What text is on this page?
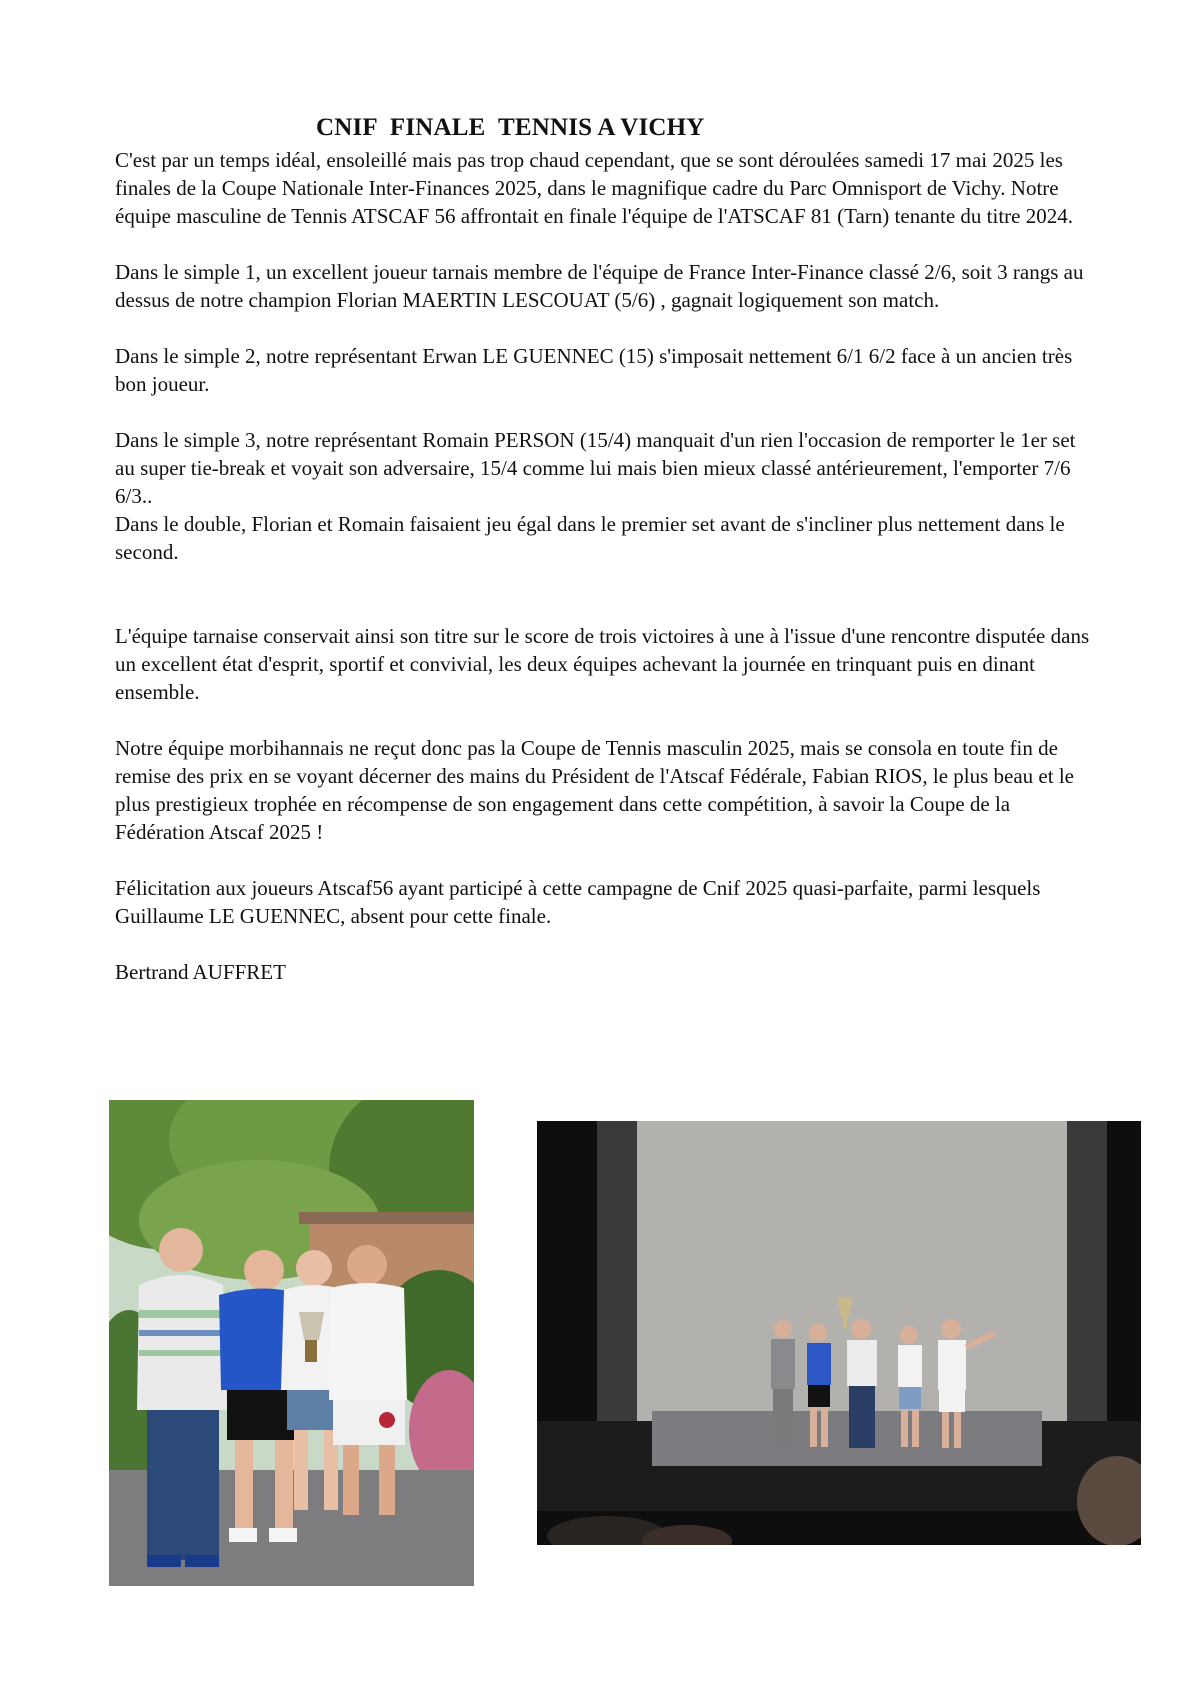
CNIF  FINALE  TENNIS A VICHY

C'est par un temps idéal, ensoleillé mais pas trop chaud cependant, que se sont déroulées samedi 17 mai 2025 les finales de la Coupe Nationale Inter-Finances 2025, dans le magnifique cadre du Parc Omnisport de Vichy. Notre équipe masculine de Tennis ATSCAF 56 affrontait en finale l'équipe de l'ATSCAF 81 (Tarn) tenante du titre 2024.

Dans le simple 1, un excellent joueur tarnais membre de l'équipe de France Inter-Finance classé 2/6, soit 3 rangs au dessus de notre champion Florian MAERTIN LESCOUAT (5/6) , gagnait logiquement son match.

Dans le simple 2, notre représentant Erwan LE GUENNEC (15) s'imposait nettement 6/1 6/2 face à un ancien très bon joueur.

Dans le simple 3, notre représentant Romain PERSON (15/4) manquait d'un rien l'occasion de remporter le 1er set au super tie-break et voyait son adversaire, 15/4 comme lui mais bien mieux classé antérieurement, l'emporter 7/6 6/3..

Dans le double, Florian et Romain faisaient jeu égal dans le premier set avant de s'incliner plus nettement dans le second.

L'équipe tarnaise conservait ainsi son titre sur le score de trois victoires à une à l'issue d'une rencontre disputée dans un excellent état d'esprit, sportif et convivial, les deux équipes achevant la journée en trinquant puis en dinant ensemble.

Notre équipe morbihannais ne reçut donc pas la Coupe de Tennis masculin 2025, mais se consola en toute fin de remise des prix en se voyant décerner des mains du Président de l'Atscaf Fédérale, Fabian RIOS, le plus beau et le plus prestigieux trophée en récompense de son engagement dans cette compétition, à savoir la Coupe de la Fédération Atscaf 2025 !

Félicitation aux joueurs Atscaf56 ayant participé à cette campagne de Cnif 2025 quasi-parfaite, parmi lesquels Guillaume LE GUENNEC, absent pour cette finale.

Bertrand AUFFRET
